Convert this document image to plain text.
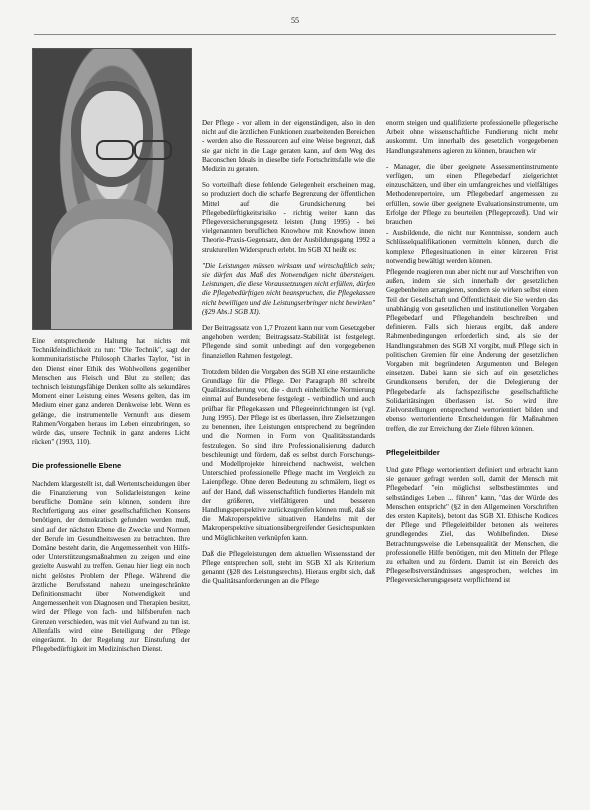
55

Eine entsprechende Haltung hat nichts mit Technikfeindlichkeit zu tun: "Die Technik", sagt der kommunitaristische Philosoph Charles Taylor, "ist in den Dienst einer Ethik des Wohlwollens gegenüber Menschen aus Fleisch und Blut zu stellen; das technisch leistungsfähige Denken sollte als sekundäres Moment einer Leistung eines Wesens gelten, das im Medium einer ganz anderen Denkweise lebt. Wenn es gelänge, die instrumentelle Vernunft aus diesem Rahmen/Vorgaben heraus im Leben einzubringen, so würde das, unsere Technik in ganz anderes Licht rücken" (1993, 110).

Die professionelle Ebene

Nachdem klargestellt ist, daß Wertentscheidungen über die Finanzierung von Solidarleistungen keine berufliche Domäne sein können, sondern ihre Rechtfertigung aus einer gesellschaftlichen Konsens benötigen, der demokratisch gefunden werden muß, sind auf der nächsten Ebene die Zwecke und Normen der Berufe im Gesundheitswesen zu betrachten. Ihre Domäne besteht darin, die Angemessenheit von Hilfs- oder Unterstützungsmaßnahmen zu zeigen und eine gezielte Auswahl zu treffen. Genau hier liegt ein noch nicht gelöstes Problem der Pflege. Während die ärztliche Berufsstand nahezu uneingeschränkte Definitionsmacht über Notwendigkeit und Angemessenheit von Diagnosen und Therapien besitzt, wird der Pflege von fach- und hilfsberufen nach Grenzen verschieden, was mit viel Aufwand zu tun ist. Allenfalls wird eine Beteiligung der Pflege eingeräumt. In der Regelung zur Einstufung der Pflegebedürftigkeit im Medizinischen Dienst.

Der Pflege - vor allem in der eigenständigen, also in den nicht auf die ärztlichen Funktionen zuarbeitenden Bereichen - werden also die Ressourcen auf eine Weise begrenzt, daß sie gar nicht in die Lage geraten kann, auf dem Weg des Baconschen Ideals in dieselbe tiefe Fortschrittsfalle wie die Medizin zu geraten.

So vorteilhaft diese fehlende Gelegenheit erscheinen mag, so produziert doch die scharfe Begrenzung der öffentlichen Mittel auf die Grundsicherung bei Pflegebedürftigkeitsrisiko - richtig weiter kann das Pflegeversicherungsgesetz leisten (Jung 1995) - bei vielgenannten beruflichen Knowhow mit Knowhow innen Theorie-Praxis-Gegensatz, den der Ausbildungsgang 1992 a strukturellen Widerspruch erlebt. Im SGB XI heißt es:

"Die Leistungen müssen wirksam und wirtschaftlich sein; sie dürfen das Maß des Notwendigen nicht übersteigen. Leistungen, die diese Voraussetzungen nicht erfüllen, dürfen die Pflegebedürftigen nicht beanspruchen, die Pflegekassen nicht bewilligen und die Leistungserbringer nicht bewirken" (§29 Abs.1 SGB XI).

Der Beitragssatz von 1,7 Prozent kann nur vom Gesetzgeber angehoben werden; Beitragssatz-Stabilität ist festgelegt. Pflegende sind somit unbedingt auf den vorgegebenen finanziellen Rahmen festgelegt.

Trotzdem bilden die Vorgaben des SGB XI eine erstaunliche Grundlage für die Pflege. Der Paragraph 80 schreibt Qualitätssicherung vor, die - durch einheitliche Normierung einmal auf Bundesebene festgelegt - verbindlich und auch prüfbar für Pflegekassen und Pflegeeinrichtungen ist (vgl. Jung 1995). Der Pflege ist es überlassen, ihre Zielsetzungen zu benennen, ihre Leistungen entsprechend zu begründen und die Normen in Form von Qualitätsstandards festzulegen. So sind ihre Professionalisierung dadurch beschleunigt und fördern, daß es selbst durch Forschungs- und Modellprojekte hinreichend nachweist, welchen Unterschied professionelle Pflege macht im Vergleich zu Laienpflege. Ohne deren Bedeutung zu schmälern, liegt es auf der Hand, daß wissenschaftlich fundiertes Handeln mit der größeren, vielfältigeren und besseren Handlungsperspektive zurückzugreifen können muß, daß sie die Makroperspektive situativen Handelns mit der Makroperspektive situationsübergreifender Gesichtspunkten und Möglichkeiten verknüpfen kann.

Daß die Pflegeleistungen dem aktuellen Wissensstand der Pflege entsprechen soll, steht im SGB XI als Kriterium genannt (§28 des Leistungsrechts). Hieraus ergibt sich, daß die Qualitätsanforderungen an die Pflege

enorm steigen und qualifizierte professionelle pflegerische Arbeit ohne wissenschaftliche Fundierung nicht mehr auskommt. Um innerhalb des gesetzlich vorgegebenen Handlungsrahmens agieren zu können, brauchen wir

- Manager, die über geeignete Assessmentinstrumente verfügen, um einen Pflegebedarf zielgerichtet einzuschätzen, und über ein umfangreiches und vielfältiges Methodenrepertoire, um Pflegebedarf angemessen zu erfüllen, sowie über geeignete Evaluationsinstrumente, um Erfolge der Pflege zu beurteilen (Pflegeprozeß). Und wir brauchen
- Ausbildende, die nicht nur Kenntnisse, sondern auch Schlüsselqualifikationen vermitteln können, durch die komplexe Pflegesituationen in einer kürzeren Frist notwendig bewältigt werden können.

Pflegende reagieren nun aber nicht nur auf Vorschriften von außen, indem sie sich innerhalb der gesetzlichen Gegebenheiten arrangieren, sondern sie wirken selbst einen Teil der Gesellschaft und Öffentlichkeit die Sie werden das unabhängig von gesetzlichen und institutionellen Vorgaben Pflegebedarf und Pflegehandeln beschreiben und definieren. Falls sich hieraus ergibt, daß andere Rahmenbedingungen erforderlich sind, als sie der Handlungsrahmen des SGB XI vorgibt, muß Pflege sich in politischen Gremien für eine Änderung der gesetzlichen Vorgaben mit begründeten Argumenten und Belegen einsetzen. Dabei kann sie sich auf ein gesetzliches Grundkonsens berufen, der die Delegierung der Pflegebedarfe als fachspezifische gesellschaftliche Solidaritätsingen überlassen ist. So wird ihre Zielvorstellungen entsprechend wertorientiert bilden und ebenso wertorientierte Entscheidungen für Maßnahmen treffen, die zur Erreichung der Ziele führen können.

Pflegeleitbilder

Und gute Pflege wertorientiert definiert und erbracht kann sie genauer gefragt werden soll, damit der Mensch mit Pflegebedarf "ein möglichst selbstbestimmtes und selbständiges Leben ... führen" kann, "das der Würde des Menschen entspricht" (§2 in den Allgemeinen Vorschriften des ersten Kapitels), betont das SGB XI. Ethische Kodices der Pflege und Pflegeleitbilder betonen als weiteres grundlegendes Ziel, das Wohlbefinden. Diese Betrachtungsweise die Lebensqualität der Menschen, die professionelle Hilfe benötigen, mit den Mitteln der Pflege zu erhalten und zu fördern. Damit ist ein Bereich des Pflegeselbstverständnisses angesprochen, welches im Pflegeversicherungsgesetz verpflichtend ist
